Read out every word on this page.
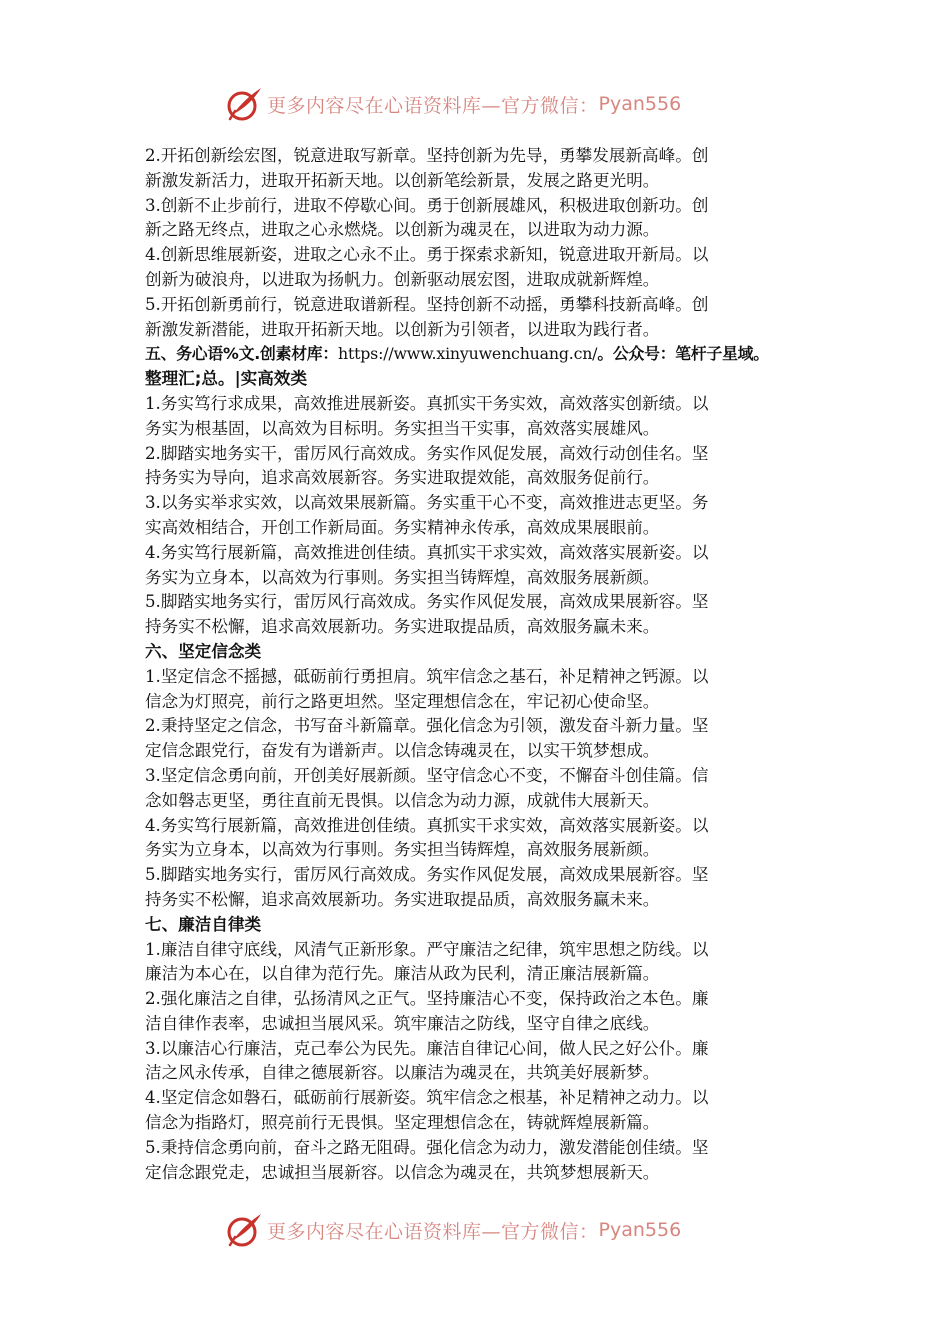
更多内容尽在心语资料库—官方微信： Pyan556
2.开拓创新绘宏图，锐意进取写新章。坚持创新为先导，勇攀发展新高峰。创
新激发新活力，进取开拓新天地。以创新笔绘新景，发展之路更光明。
3.创新不止步前行，进取不停歇心间。勇于创新展雄风，积极进取创新功。创
新之路无终点，进取之心永燃烧。以创新为魂灵在，以进取为动力源。
4.创新思维展新姿，进取之心永不止。勇于探索求新知，锐意进取开新局。以
创新为破浪舟，以进取为扬帆力。创新驱动展宏图，进取成就新辉煌。
5.开拓创新勇前行，锐意进取谱新程。坚持创新不动摇，勇攀科技新高峰。创
新激发新潜能，进取开拓新天地。以创新为引领者，以进取为践行者。
五、务心语%文.创素材库：https://www.xinyuwenchuang.cn/。公众号：笔杆子星域。
整理汇;总。|实高效类
1.务实笃行求成果，高效推进展新姿。真抓实干务实效，高效落实创新绩。以
务实为根基固，以高效为目标明。务实担当干实事，高效落实展雄风。
2.脚踏实地务实干，雷厉风行高效成。务实作风促发展，高效行动创佳名。坚
持务实为导向，追求高效展新容。务实进取提效能，高效服务促前行。
3.以务实举求实效，以高效果展新篇。务实重干心不变，高效推进志更坚。务
实高效相结合，开创工作新局面。务实精神永传承，高效成果展眼前。
4.务实笃行展新篇，高效推进创佳绩。真抓实干求实效，高效落实展新姿。以
务实为立身本，以高效为行事则。务实担当铸辉煌，高效服务展新颜。
5.脚踏实地务实行，雷厉风行高效成。务实作风促发展，高效成果展新容。坚
持务实不松懈，追求高效展新功。务实进取提品质，高效服务赢未来。
六、坚定信念类
1.坚定信念不摇撼，砥砺前行勇担肩。筑牢信念之基石，补足精神之钙源。以
信念为灯照亮，前行之路更坦然。坚定理想信念在，牢记初心使命坚。
2.秉持坚定之信念，书写奋斗新篇章。强化信念为引领，激发奋斗新力量。坚
定信念跟党行，奋发有为谱新声。以信念铸魂灵在，以实干筑梦想成。
3.坚定信念勇向前，开创美好展新颜。坚守信念心不变，不懈奋斗创佳篇。信
念如磐志更坚，勇往直前无畏惧。以信念为动力源，成就伟大展新天。
4.务实笃行展新篇，高效推进创佳绩。真抓实干求实效，高效落实展新姿。以
务实为立身本，以高效为行事则。务实担当铸辉煌，高效服务展新颜。
5.脚踏实地务实行，雷厉风行高效成。务实作风促发展，高效成果展新容。坚
持务实不松懈，追求高效展新功。务实进取提品质，高效服务赢未来。
七、廉洁自律类
1.廉洁自律守底线，风清气正新形象。严守廉洁之纪律，筑牢思想之防线。以
廉洁为本心在，以自律为范行先。廉洁从政为民利，清正廉洁展新篇。
2.强化廉洁之自律，弘扬清风之正气。坚持廉洁心不变，保持政治之本色。廉
洁自律作表率，忠诚担当展风采。筑牢廉洁之防线，坚守自律之底线。
3.以廉洁心行廉洁，克己奉公为民先。廉洁自律记心间，做人民之好公仆。廉
洁之风永传承，自律之德展新容。以廉洁为魂灵在，共筑美好展新梦。
4.坚定信念如磐石，砥砺前行展新姿。筑牢信念之根基，补足精神之动力。以
信念为指路灯，照亮前行无畏惧。坚定理想信念在，铸就辉煌展新篇。
5.秉持信念勇向前，奋斗之路无阻碍。强化信念为动力，激发潜能创佳绩。坚
定信念跟党走，忠诚担当展新容。以信念为魂灵在，共筑梦想展新天。
更多内容尽在心语资料库—官方微信： Pyan556
